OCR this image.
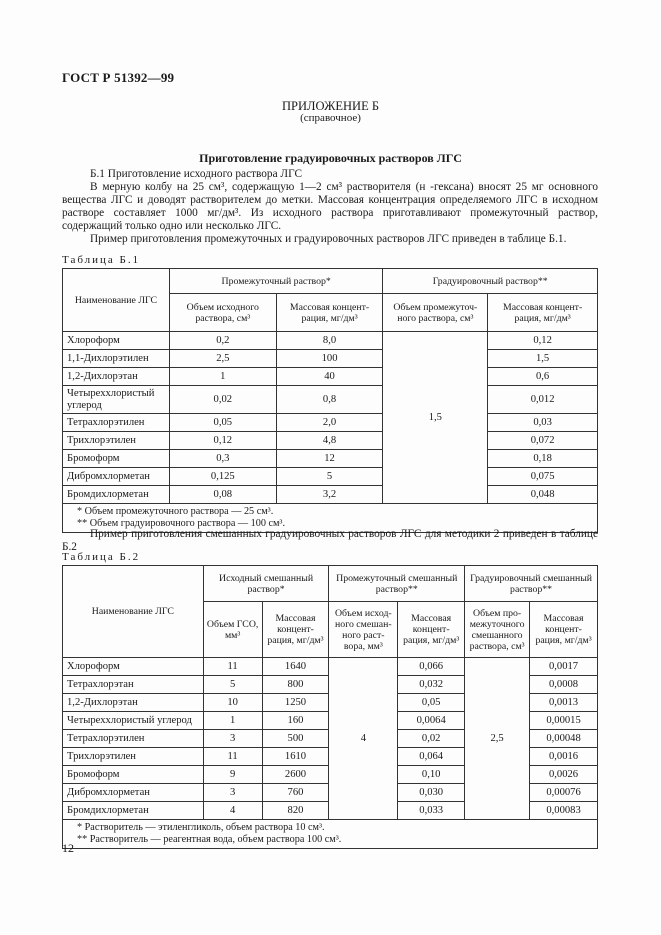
ГОСТ Р 51392—99
ПРИЛОЖЕНИЕ Б
(справочное)
Приготовление градуировочных растворов ЛГС
Б.1 Приготовление исходного раствора ЛГС
В мерную колбу на 25 см³, содержащую 1—2 см³ растворителя (н -гексана) вносят 25 мг основного вещества ЛГС и доводят растворителем до метки. Массовая концентрация определяемого ЛГС в исходном растворе составляет 1000 мг/дм³. Из исходного раствора приготавливают промежуточный раствор, содержащий только одно или несколько ЛГС.
Пример приготовления промежуточных и градуировочных растворов ЛГС приведен в таблице Б.1.
Таблица Б.1
Наименование ЛГС	Промежуточный раствор*		Градуировочный раствор**	
	Объем исходного раствора, см³	Массовая концент-рация, мг/дм³	Объем промежуточ-ного раствора, см³	Массовая концент-рация, мг/дм³
Хлороформ	0,2	8,0	1,5	0,12
1,1-Дихлорэтилен	2,5	100		1,5
1,2-Дихлорэтан	1	40		0,6
Четыреххлористый углерод	0,02	0,8		0,012
Тетрахлорэтилен	0,05	2,0		0,03
Трихлорэтилен	0,12	4,8		0,072
Бромоформ	0,3	12		0,18
Дибромхлорметан	0,125	5		0,075
Бромдихлорметан	0,08	3,2		0,048

* Объем промежуточного раствора — 25 см³.
** Объем градуировочного раствора — 100 см³.				
Пример приготовления смешанных градуировочных растворов ЛГС для методики 2 приведен в таблице Б.2
Таблица Б.2
Наименование ЛГС	Исходный смешанный раствор*		Промежуточный смешанный раствор**		Градуировочный смешанный раствор**	
	Объем ГСО, мм³	Массовая концент-рация, мг/дм³	Объем исход-ного смешан-ного раст-вора, мм³	Массовая концент-рация, мг/дм³	Объем про-межуточного смешанного раствора, см³	Массовая концент-рация, мг/дм³
Хлороформ	11	1640	4	0,066	2,5	0,0017
Тетрахлорэтан	5	800		0,032		0,0008
1,2-Дихлорэтан	10	1250		0,05		0,0013
Четыреххлористый углерод	1	160		0,0064		0,00015
Тетрахлорэтилен	3	500		0,02		0,00048
Трихлорэтилен	11	1610		0,064		0,0016
Бромоформ	9	2600		0,10		0,0026
Дибромхлорметан	3	760		0,030		0,00076
Бромдихлорметан	4	820		0,033		0,00083

* Растворитель — этиленгликоль, объем раствора 10 см³.
** Растворитель — реагентная вода, объем раствора 100 см³.						
12
